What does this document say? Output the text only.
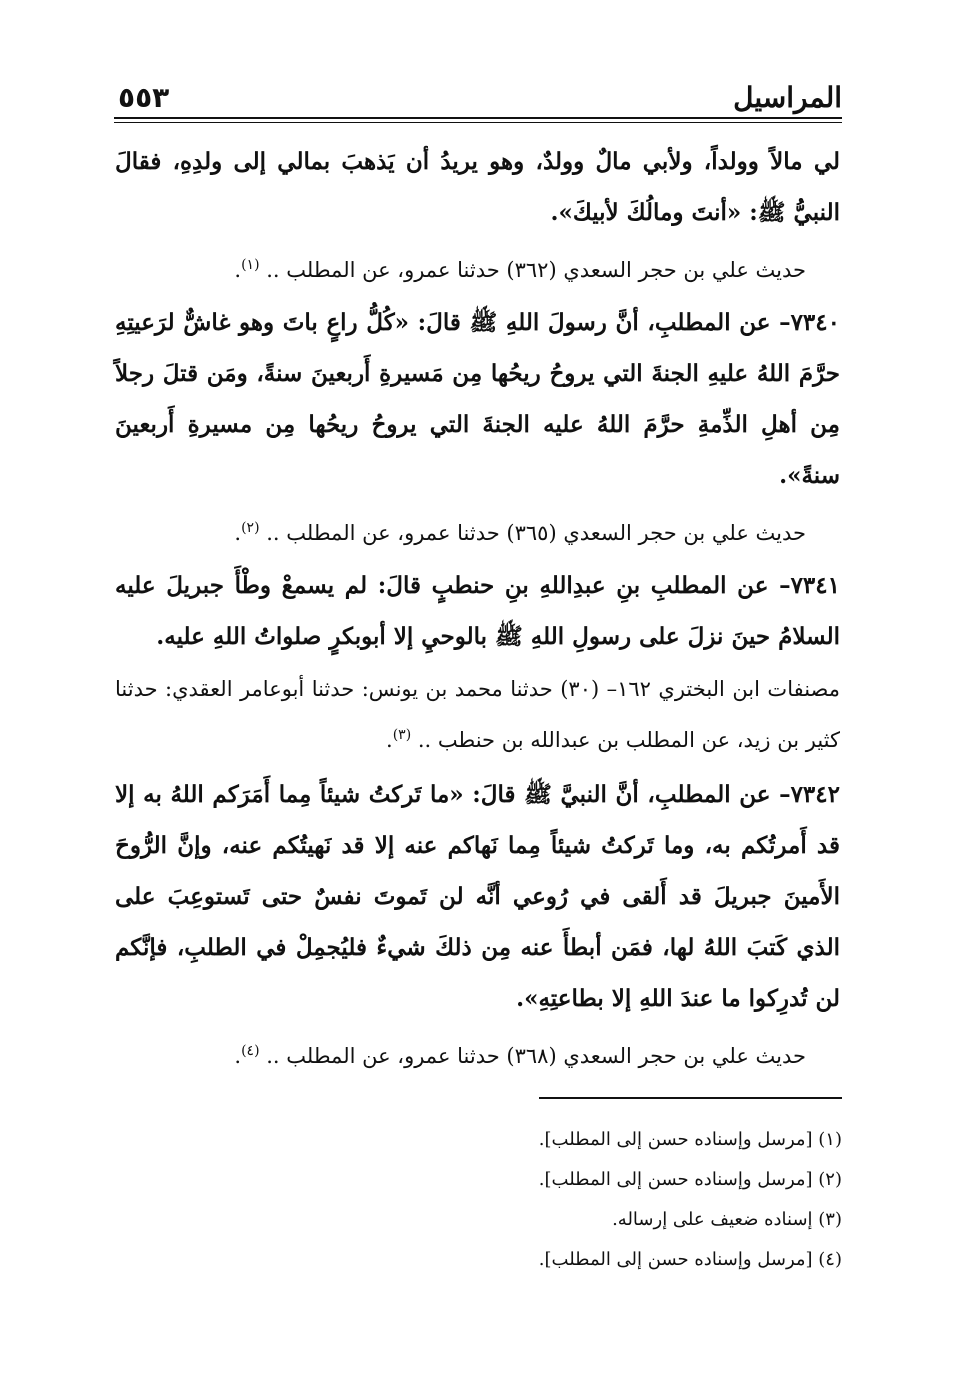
المراسيل
٥٥٣

لي مالاً وولداً، ولأبي مالٌ وولدٌ، وهو يريدُ أن يَذهبَ بمالي إلى ولدِهِ، فقالَ النبيُّ ﷺ: «أنتَ ومالُكَ لأبيكَ».

حديث علي بن حجر السعدي (٣٦٢) حدثنا عمرو، عن المطلب .. $^{(١)}$.

٧٣٤٠– عن المطلبِ، أنَّ رسولَ اللهِ ﷺ قالَ: «كُلُّ راعٍ باتَ وهو غاشٌّ لرَعيتِهِ حرَّمَ اللهُ عليهِ الجنةَ التي يروحُ ريحُها مِن مَسيرةِ أَربعينَ سنةً، ومَن قتلَ رجلاً مِن أهلِ الذِّمةِ حرَّمَ اللهُ عليه الجنةَ التي يروحُ ريحُها مِن مسيرةِ أَربعينَ سنةً».

حديث علي بن حجر السعدي (٣٦٥) حدثنا عمرو، عن المطلب .. $^{(٢)}$.

٧٣٤١– عن المطلبِ بنِ عبدِاللهِ بنِ حنطبٍ قالَ: لم يسمعْ وطْأَ جبريلَ عليه السلامُ حينَ نزلَ على رسولِ اللهِ ﷺ بالوحيِ إلا أبوبكرٍ صلواتُ اللهِ عليه.

مصنفات ابن البختري ١٦٢– (٣٠) حدثنا محمد بن يونس: حدثنا أبوعامر العقدي: حدثنا كثير بن زيد، عن المطلب بن عبدالله بن حنطب .. $^{(٣)}$.

٧٣٤٢– عن المطلبِ، أنَّ النبيَّ ﷺ قالَ: «ما تَركتُ شيئاً مِما أَمَرَكم اللهُ به إلا قد أَمرتُكم به، وما تَركتُ شيئاً مِما نَهاكم عنه إلا قد نَهيتُكم عنه، وإنَّ الرُّوحَ الأَمينَ جبريلَ قد أَلقى في رُوعي أنَّه لن تَموتَ نفسٌ حتى تَستوعِبَ على الذي كَتبَ اللهُ لها، فمَن أبطأَ عنه مِن ذلكَ شيءٌ فليُجمِلْ في الطلبِ، فإنَّكم لن تُدرِكوا ما عندَ اللهِ إلا بطاعتِهِ».

حديث علي بن حجر السعدي (٣٦٨) حدثنا عمرو، عن المطلب .. $^{(٤)}$.

(١) [مرسل وإسناده حسن إلى المطلب].

(٢) [مرسل وإسناده حسن إلى المطلب].

(٣) إسناده ضعيف على إرساله.

(٤) [مرسل وإسناده حسن إلى المطلب].
